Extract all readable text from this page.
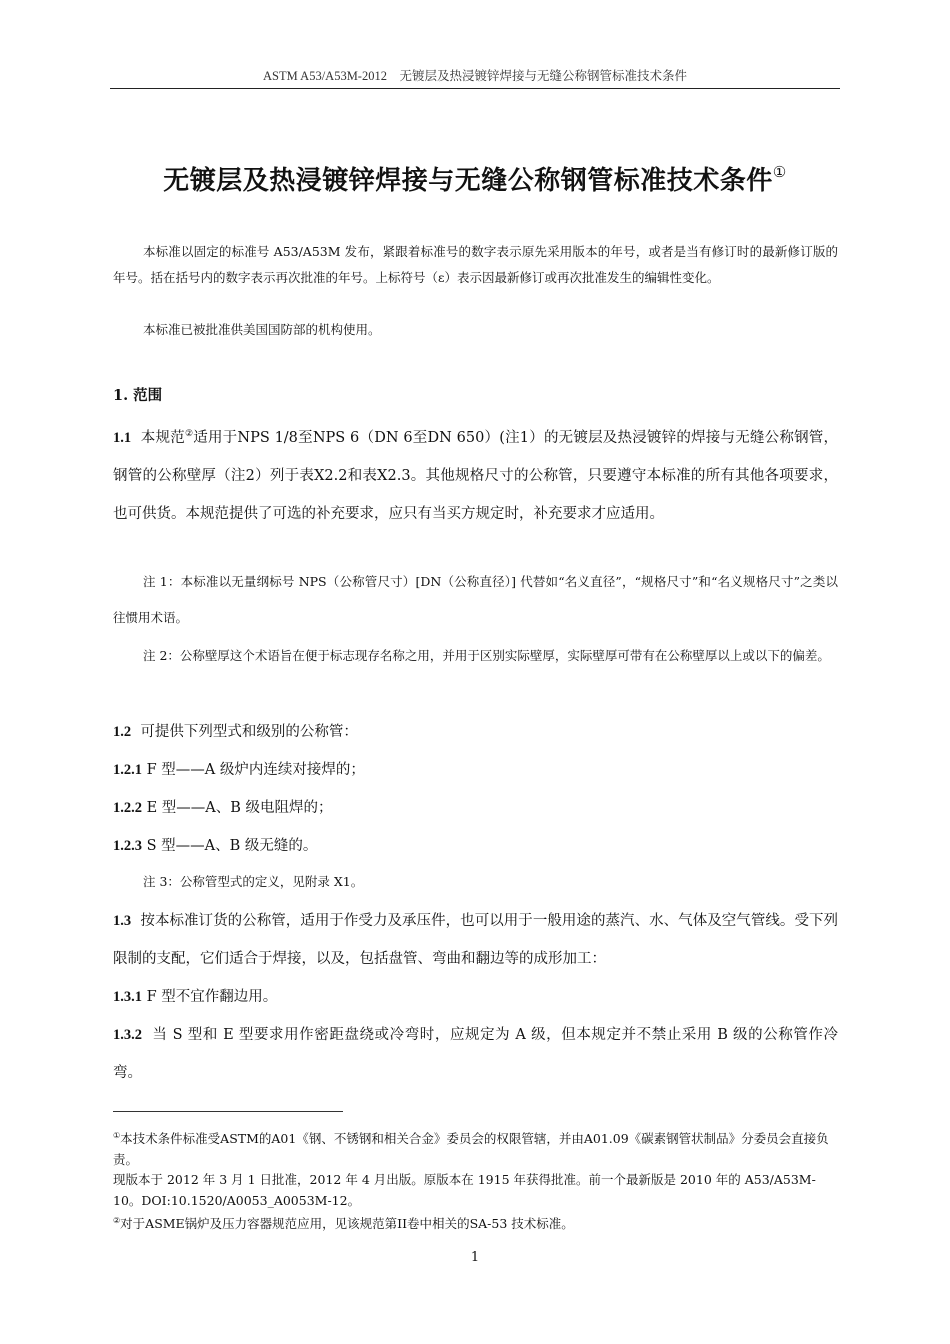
ASTM A53/A53M-2012　无镀层及热浸镀锌焊接与无缝公称钢管标准技术条件
无镀层及热浸镀锌焊接与无缝公称钢管标准技术条件①

本标准以固定的标准号 A53/A53M 发布，紧跟着标准号的数字表示原先采用版本的年号，或者是当有修订时的最新修订版的年号。括在括号内的数字表示再次批准的年号。上标符号（ε）表示因最新修订或再次批准发生的编辑性变化。

本标准已被批准供美国国防部的机构使用。

1. 范围

1.1 本规范②适用于NPS 1/8至NPS 6（DN 6至DN 650）(注1）的无镀层及热浸镀锌的焊接与无缝公称钢管，钢管的公称壁厚（注2）列于表X2.2和表X2.3。其他规格尺寸的公称管，只要遵守本标准的所有其他各项要求，也可供货。本规范提供了可选的补充要求，应只有当买方规定时，补充要求才应适用。

注 1：本标准以无量纲标号 NPS（公称管尺寸）[DN（公称直径）] 代替如“名义直径”，“规格尺寸”和“名义规格尺寸”之类以往惯用术语。

注 2：公称壁厚这个术语旨在便于标志现存名称之用，并用于区别实际壁厚，实际壁厚可带有在公称壁厚以上或以下的偏差。

1.2 可提供下列型式和级别的公称管：

1.2.1 F 型——A 级炉内连续对接焊的；

1.2.2 E 型——A、B 级电阻焊的；

1.2.3 S 型——A、B 级无缝的。

注 3：公称管型式的定义，见附录 X1。

1.3 按本标准订货的公称管，适用于作受力及承压件，也可以用于一般用途的蒸汽、水、气体及空气管线。受下列限制的支配，它们适合于焊接，以及，包括盘管、弯曲和翻边等的成形加工：

1.3.1 F 型不宜作翻边用。

1.3.2 当 S 型和 E 型要求用作密距盘绕或冷弯时，应规定为 A 级，但本规定并不禁止采用 B 级的公称管作冷弯。

①本技术条件标准受ASTM的A01《钢、不锈钢和相关合金》委员会的权限管辖，并由A01.09《碳素钢管状制品》分委员会直接负责。

现版本于 2012 年 3 月 1 日批准，2012 年 4 月出版。原版本在 1915 年获得批准。前一个最新版是 2010 年的 A53/A53M-10。DOI:10.1520/A0053_A0053M-12。

②对于ASME锅炉及压力容器规范应用，见该规范第II卷中相关的SA-53 技术标准。

1
